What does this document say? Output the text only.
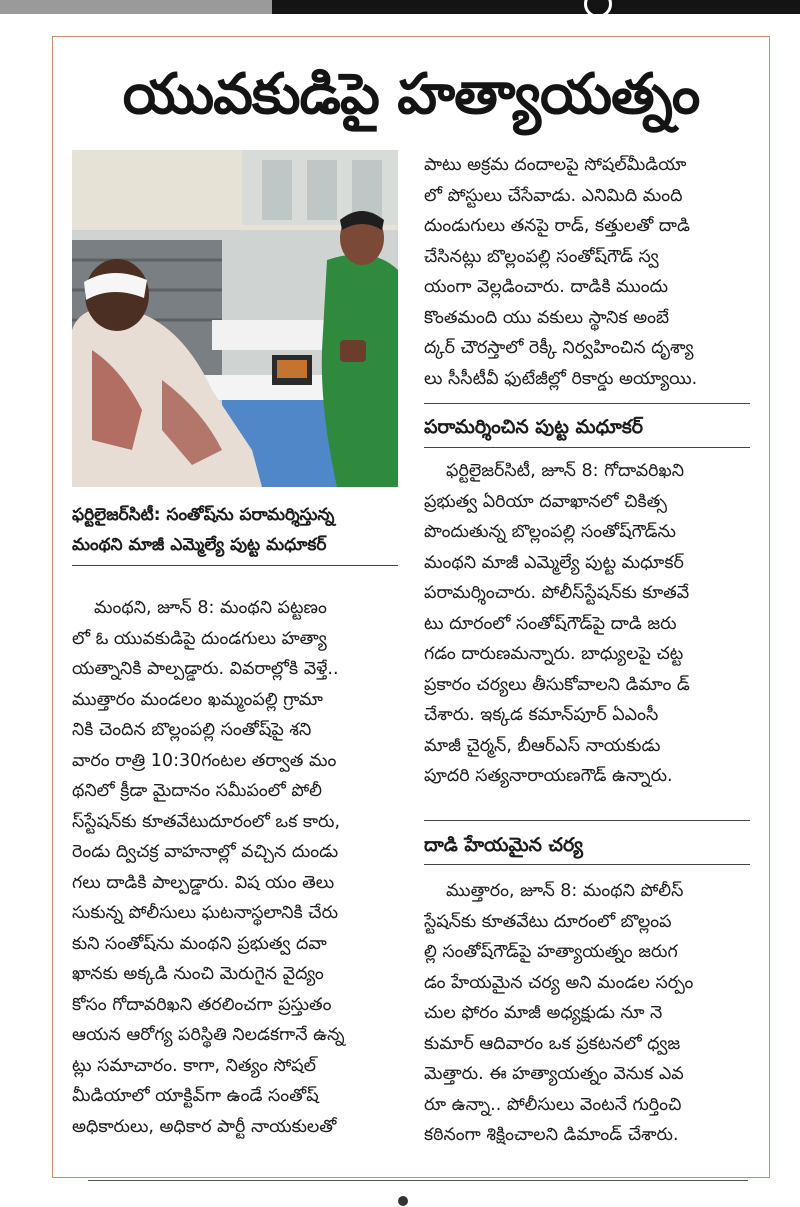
యువకుడిపై హత్యాయత్నం
ఫర్టిలైజర్‌సిటీ: సంతోష్‌ను పరామర్శిస్తున్న
మంథని మాజీ ఎమ్మెల్యే పుట్ట మధూకర్
మంథని, జూన్ 8: మంథని పట్టణం
లో ఓ యువకుడిపై దుండగులు హత్యా
యత్నానికి పాల్పడ్డారు. వివరాల్లోకి వెళ్తే..
ముత్తారం మండలం ఖమ్మంపల్లి గ్రామా
నికి చెందిన బొల్లంపల్లి సంతోష్‌పై శని
వారం రాత్రి 10:30గంటల తర్వాత మం
థనిలో క్రీడా మైదానం సమీపంలో పోలీ
స్‌స్టేషన్‌కు కూతవేటుదూరంలో ఒక కారు,
రెండు ద్విచక్ర వాహనాల్లో వచ్చిన దుండు
గలు దాడికి పాల్పడ్డారు. విష యం తెలు
సుకున్న పోలీసులు ఘటనాస్థలానికి చేరు
కుని సంతోష్‌ను మంథని ప్రభుత్వ దవా
ఖానకు అక్కడి నుంచి మెరుగైన వైద్యం
కోసం గోదావరిఖని తరలించగా ప్రస్తుతం
ఆయన ఆరోగ్య పరిస్థితి నిలడకగానే ఉన్న
ట్లు సమాచారం. కాగా, నిత్యం సోషల్
మీడియాలో యాక్టివ్‌గా ఉండే సంతోష్
అధికారులు, అధికార పార్టీ నాయకులతో
పాటు అక్రమ దందాలపై సోషల్‌మీడియా
లో పోస్టులు చేసేవాడు. ఎనిమిది మంది
దుండుగులు తనపై రాడ్, కత్తులతో దాడి
చేసినట్లు బొల్లంపల్లి సంతోష్‌గౌడ్ స్వ
యంగా వెల్లడించారు. దాడికి ముందు
కొంతమంది యు వకులు స్థానిక అంబే
ద్కర్ చౌరస్తాలో రెక్కీ నిర్వహించిన దృశ్యా
లు సీసీటీవీ ఫుటేజీల్లో రికార్డు అయ్యాయి.
పరామర్శించిన పుట్ట మధూకర్
ఫర్టిలైజర్‌సిటీ, జూన్ 8: గోదావరిఖని
ప్రభుత్వ ఏరియా దవాఖానలో చికిత్స
పొందుతున్న బొల్లంపల్లి సంతోష్‌గౌడ్‌ను
మంథని మాజీ ఎమ్మెల్యే పుట్ట మధూకర్
పరామర్శించారు. పోలీస్‌స్టేషన్‌కు కూతవే
టు దూరంలో సంతోష్‌గౌడ్‌పై దాడి జరు
గడం దారుణమన్నారు. బాధ్యులపై చట్ట
ప్రకారం చర్యలు తీసుకోవాలని డిమాం డ్
చేశారు. ఇక్కడ కమాన్‌పూర్ ఏఎంసీ
మాజీ చైర్మన్, బీఆర్‌ఎస్ నాయకుడు
పూదరి సత్యనారాయణగౌడ్ ఉన్నారు.
దాడి హేయమైన చర్య
ముత్తారం, జూన్ 8: మంథని పోలీస్
స్టేషన్‌కు కూతవేటు దూరంలో బొల్లంప
ల్లి సంతోష్‌గౌడ్‌పై హత్యాయత్నం జరుగ
డం హేయమైన చర్య అని మండల సర్పం
చుల ఫోరం మాజీ అధ్యక్షుడు నూ నె
కుమార్ ఆదివారం ఒక ప్రకటనలో ధ్వజ
మెత్తారు. ఈ హత్యాయత్నం వెనుక ఎవ
రూ ఉన్నా.. పోలీసులు వెంటనే గుర్తించి
కఠినంగా శిక్షించాలని డిమాండ్ చేశారు.
